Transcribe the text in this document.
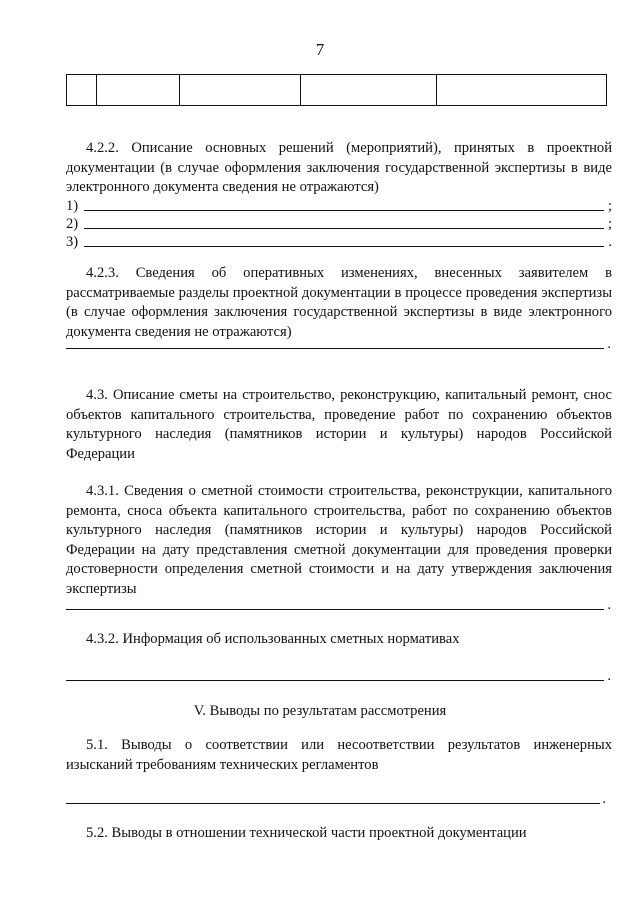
7

4.2.2. Описание основных решений (мероприятий), принятых в проектной документации (в случае оформления заключения государственной экспертизы в виде электронного документа сведения не отражаются)

1)	;
2)	;
3)	.

4.2.3. Сведения об оперативных изменениях, внесенных заявителем в рассматриваемые разделы проектной документации в процессе проведения экспертизы (в случае оформления заключения государственной экспертизы в виде электронного документа сведения не отражаются)

.

4.3. Описание сметы на строительство, реконструкцию, капитальный ремонт, снос объектов капитального строительства, проведение работ по сохранению объектов культурного наследия (памятников истории и культуры) народов Российской Федерации

4.3.1. Сведения о сметной стоимости строительства, реконструкции, капитального ремонта, сноса объекта капитального строительства, работ по сохранению объектов культурного наследия (памятников истории и культуры) народов Российской Федерации на дату представления сметной документации для проведения проверки достоверности определения сметной стоимости и на дату утверждения заключения экспертизы

.

4.3.2. Информация об использованных сметных нормативах

.

V. Выводы по результатам рассмотрения

5.1. Выводы о соответствии или несоответствии результатов инженерных изысканий требованиям технических регламентов

.

5.2. Выводы в отношении технической части проектной документации
